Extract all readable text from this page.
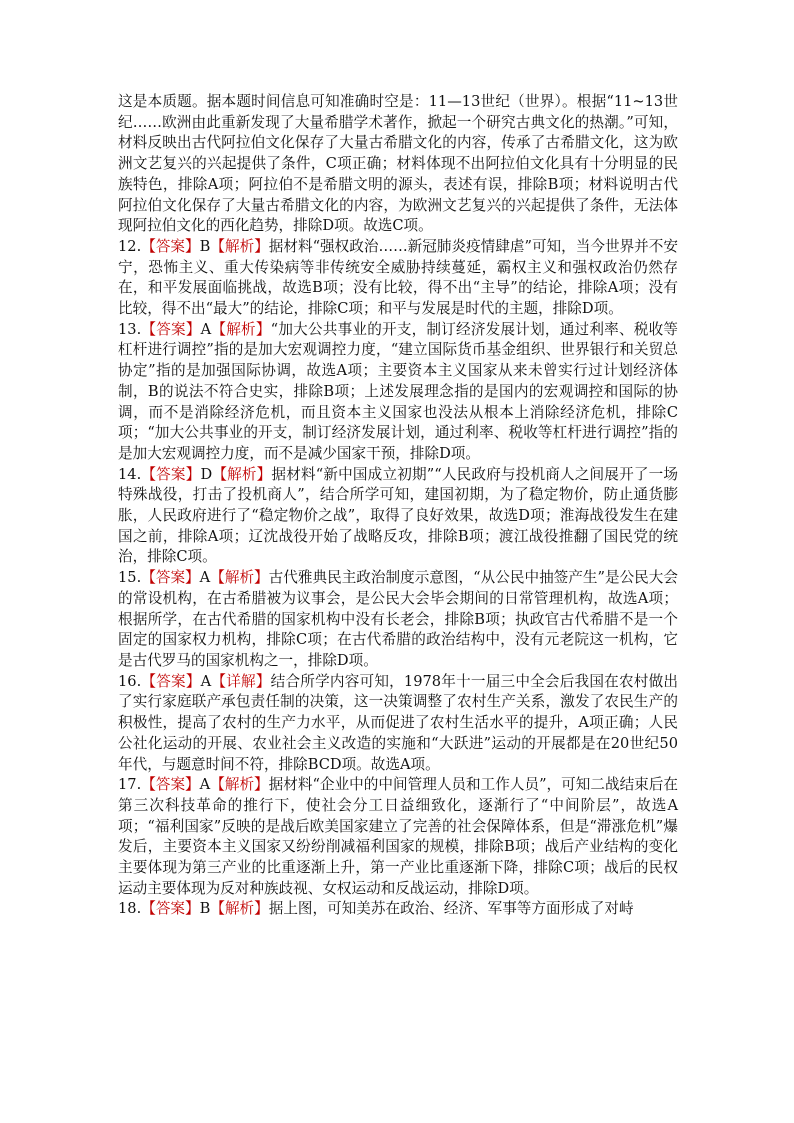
这是本质题。据本题时间信息可知准确时空是：11—13世纪（世界）。根据“11~13世纪……欧洲由此重新发现了大量希腊学术著作，掀起一个研究古典文化的热潮。”可知，材料反映出古代阿拉伯文化保存了大量古希腊文化的内容，传承了古希腊文化，这为欧洲文艺复兴的兴起提供了条件，C项正确；材料体现不出阿拉伯文化具有十分明显的民族特色，排除A项；阿拉伯不是希腊文明的源头，表述有误，排除B项；材料说明古代阿拉伯文化保存了大量古希腊文化的内容，为欧洲文艺复兴的兴起提供了条件，无法体现阿拉伯文化的西化趋势，排除D项。故选C项。

12.【答案】B【解析】据材料“强权政治……新冠肺炎疫情肆虐”可知，当今世界并不安宁，恐怖主义、重大传染病等非传统安全威胁持续蔓延，霸权主义和强权政治仍然存在，和平发展面临挑战，故选B项；没有比较，得不出“主导”的结论，排除A项；没有比较，得不出“最大”的结论，排除C项；和平与发展是时代的主题，排除D项。

13.【答案】A【解析】“加大公共事业的开支，制订经济发展计划，通过利率、税收等杠杆进行调控”指的是加大宏观调控力度，“建立国际货币基金组织、世界银行和关贸总协定”指的是加强国际协调，故选A项；主要资本主义国家从来未曾实行过计划经济体制，B的说法不符合史实，排除B项；上述发展理念指的是国内的宏观调控和国际的协调，而不是消除经济危机，而且资本主义国家也没法从根本上消除经济危机，排除C项；“加大公共事业的开支，制订经济发展计划，通过利率、税收等杠杆进行调控”指的是加大宏观调控力度，而不是减少国家干预，排除D项。

14.【答案】D【解析】据材料“新中国成立初期”“人民政府与投机商人之间展开了一场特殊战役，打击了投机商人”，结合所学可知，建国初期，为了稳定物价，防止通货膨胀，人民政府进行了“稳定物价之战”，取得了良好效果，故选D项；淮海战役发生在建国之前，排除A项；辽沈战役开始了战略反攻，排除B项；渡江战役推翻了国民党的统治，排除C项。

15.【答案】A【解析】古代雅典民主政治制度示意图，“从公民中抽签产生”是公民大会的常设机构，在古希腊被为议事会，是公民大会毕会期间的日常管理机构，故选A项；根据所学，在古代希腊的国家机构中没有长老会，排除B项；执政官古代希腊不是一个固定的国家权力机构，排除C项；在古代希腊的政治结构中，没有元老院这一机构，它是古代罗马的国家机构之一，排除D项。

16.【答案】A【详解】结合所学内容可知，1978年十一届三中全会后我国在农村做出了实行家庭联产承包责任制的决策，这一决策调整了农村生产关系，激发了农民生产的积极性，提高了农村的生产力水平，从而促进了农村生活水平的提升，A项正确；人民公社化运动的开展、农业社会主义改造的实施和“大跃进”运动的开展都是在20世纪50年代，与题意时间不符，排除BCD项。故选A项。

17.【答案】A【解析】据材料“企业中的中间管理人员和工作人员”，可知二战结束后在第三次科技革命的推行下，使社会分工日益细致化，逐渐行了“中间阶层”，故选A项；“福利国家”反映的是战后欧美国家建立了完善的社会保障体系，但是“滞涨危机”爆发后，主要资本主义国家又纷纷削减福利国家的规模，排除B项；战后产业结构的变化主要体现为第三产业的比重逐渐上升，第一产业比重逐渐下降，排除C项；战后的民权运动主要体现为反对种族歧视、女权运动和反战运动，排除D项。

18.【答案】B【解析】据上图，可知美苏在政治、经济、军事等方面形成了对峙
